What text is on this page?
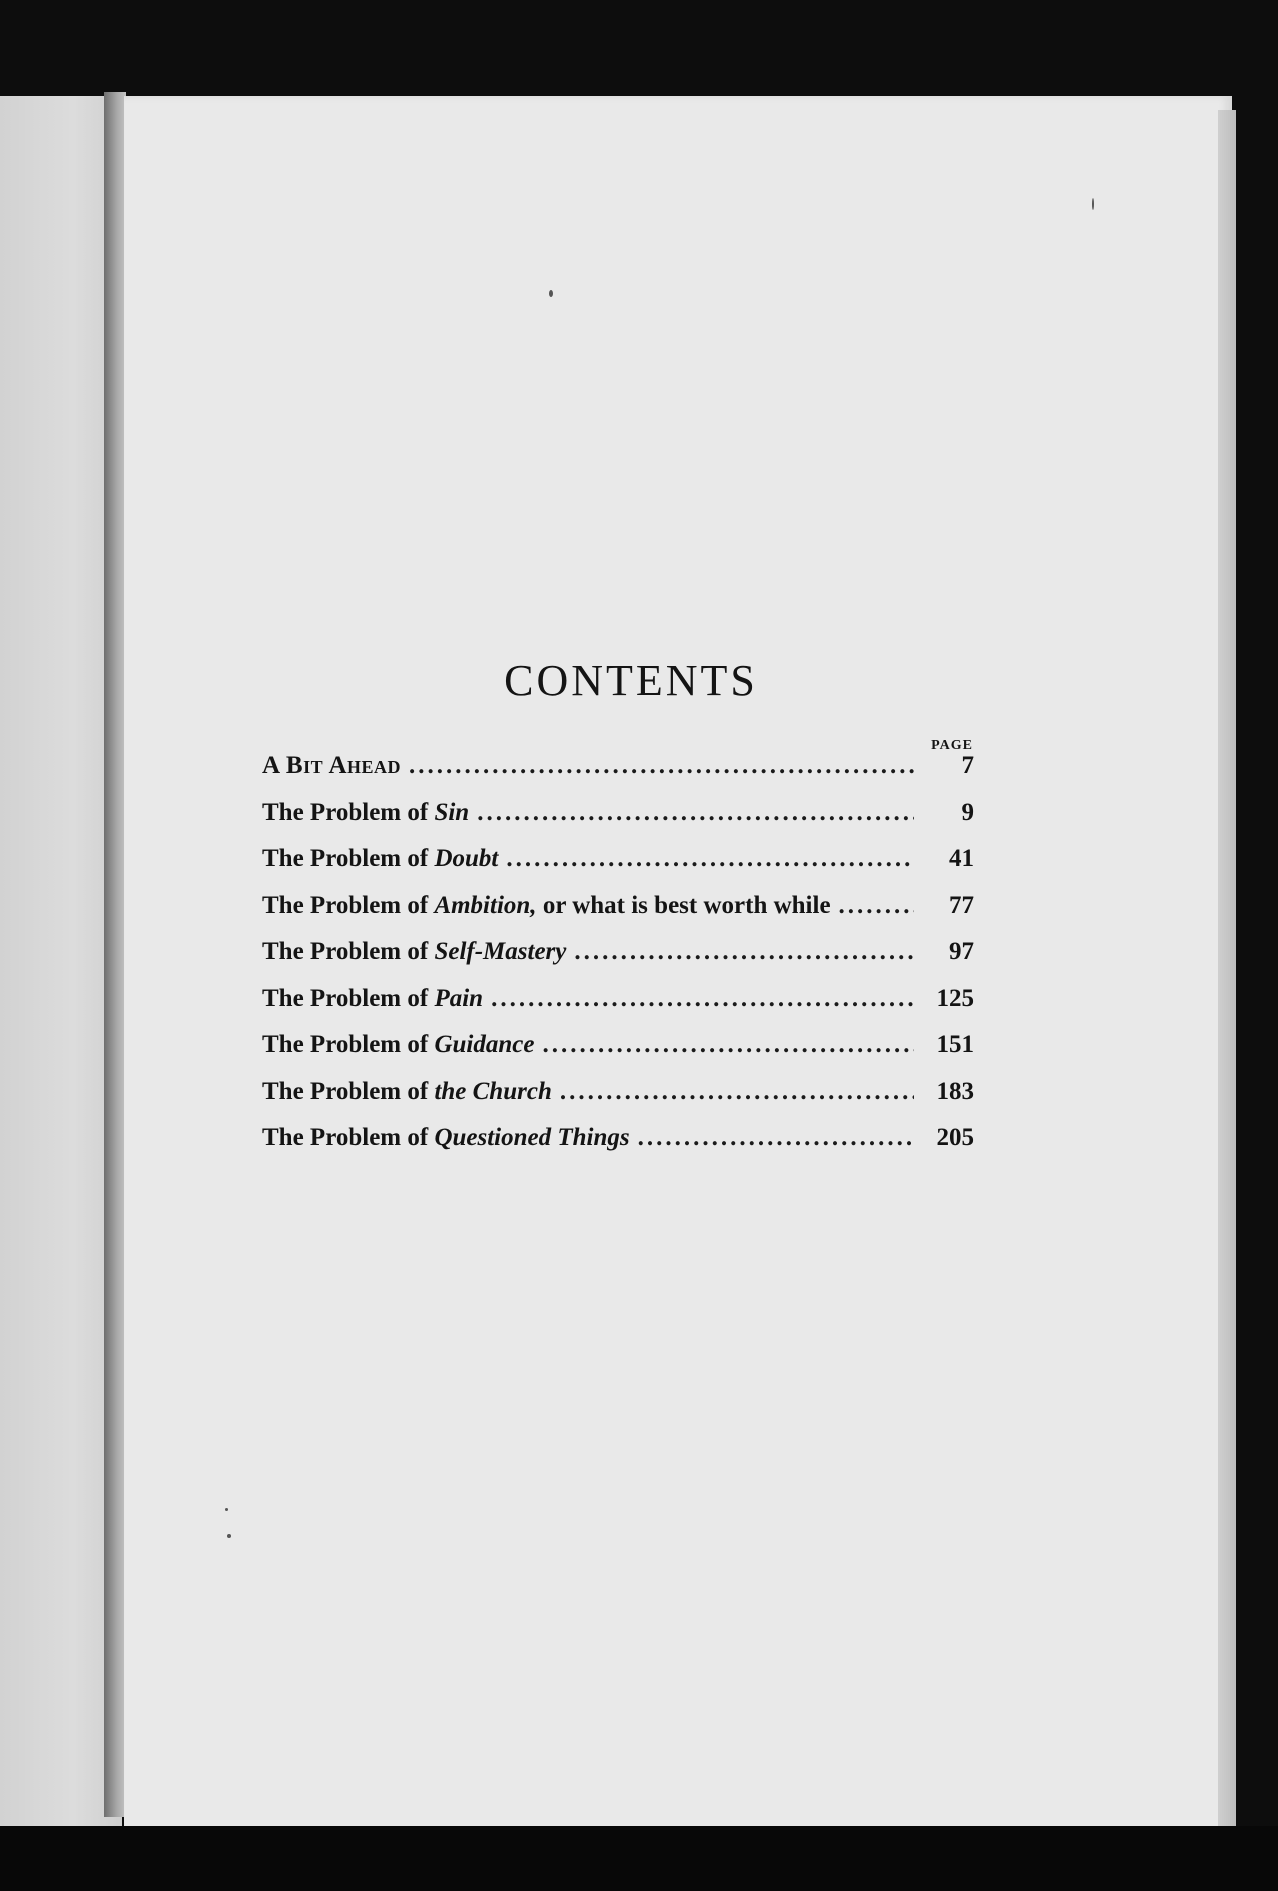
CONTENTS
PAGE
A Bit Ahead .....	7
The Problem of Sin .....	9
The Problem of Doubt .....	41
The Problem of Ambition, or what is best worth while .....	77
The Problem of Self-Mastery .....	97
The Problem of Pain .....	125
The Problem of Guidance .....	151
The Problem of the Church .....	183
The Problem of Questioned Things .....	205
